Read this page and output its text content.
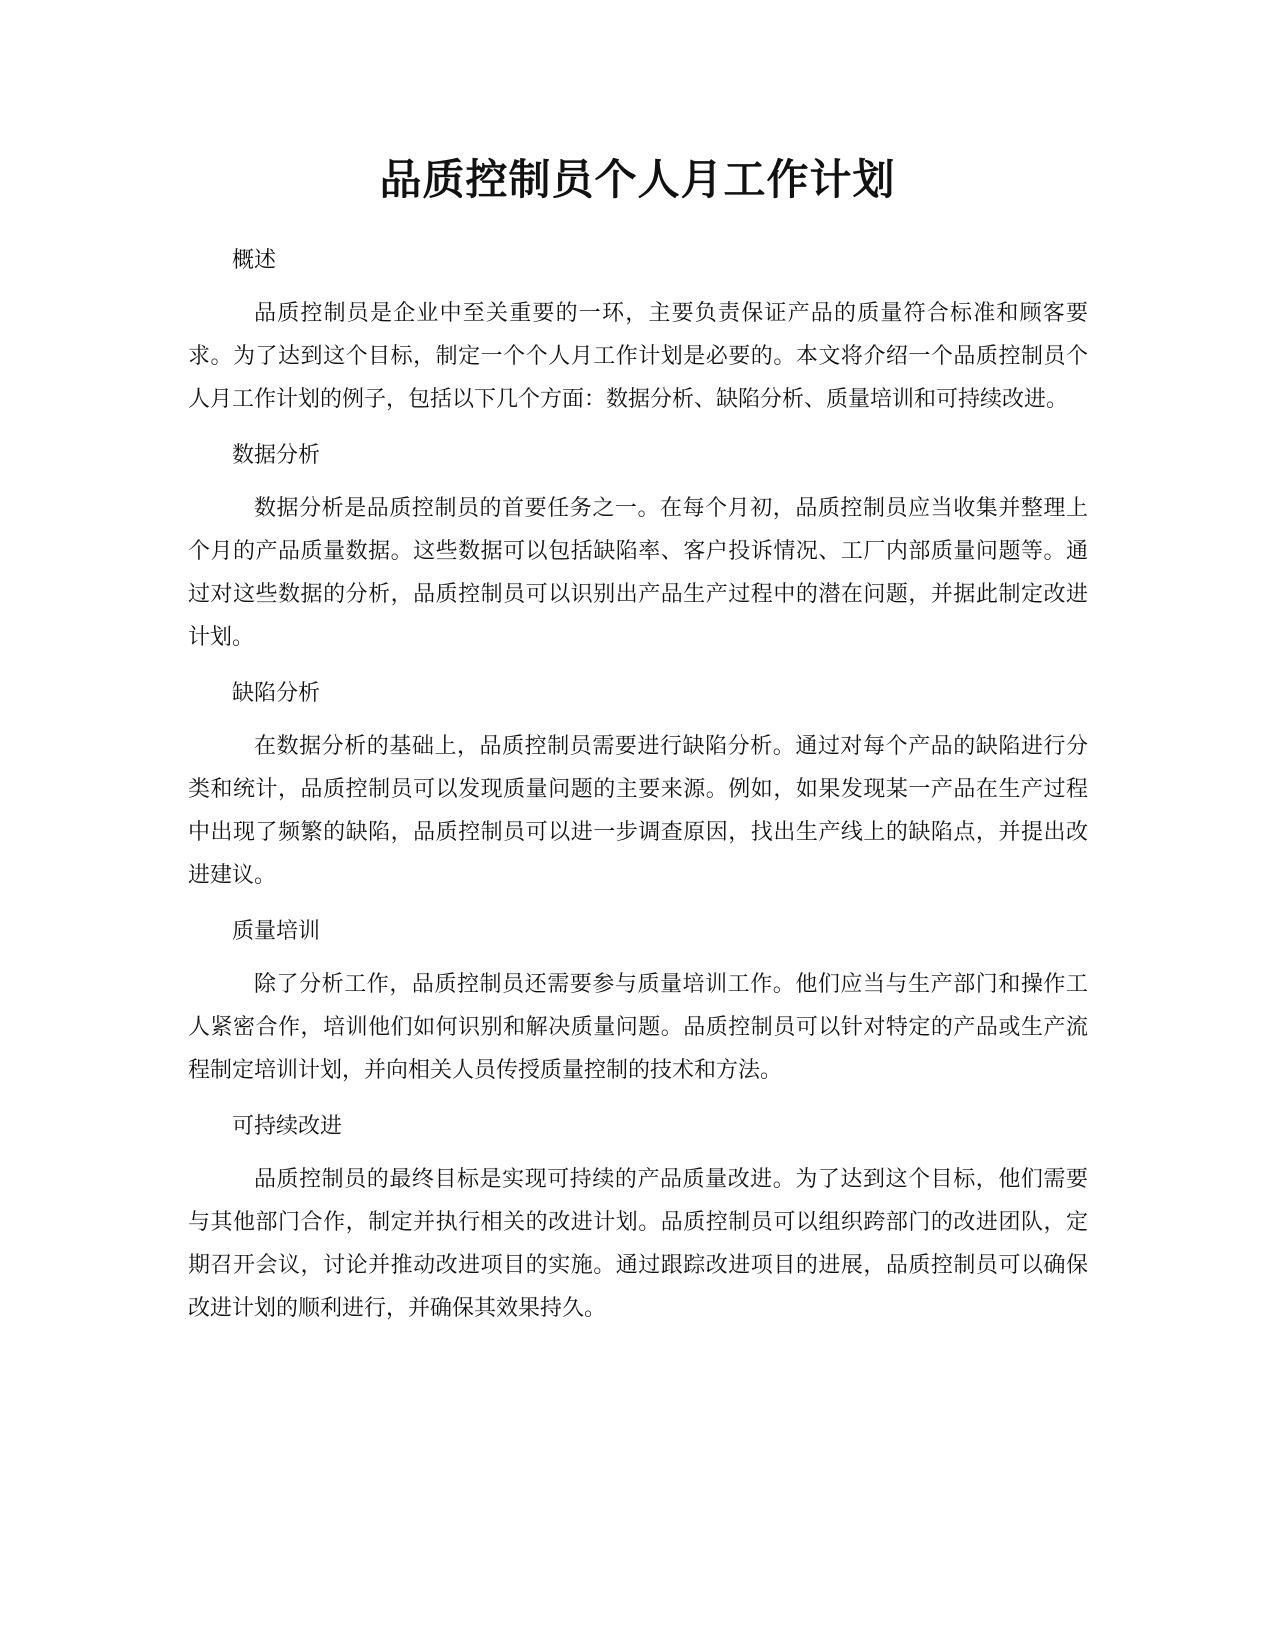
品质控制员个人月工作计划
概述

品质控制员是企业中至关重要的一环，主要负责保证产品的质量符合标准和顾客要求。为了达到这个目标，制定一个个人月工作计划是必要的。本文将介绍一个品质控制员个人月工作计划的例子，包括以下几个方面：数据分析、缺陷分析、质量培训和可持续改进。

数据分析

数据分析是品质控制员的首要任务之一。在每个月初，品质控制员应当收集并整理上个月的产品质量数据。这些数据可以包括缺陷率、客户投诉情况、工厂内部质量问题等。通过对这些数据的分析，品质控制员可以识别出产品生产过程中的潜在问题，并据此制定改进计划。

缺陷分析

在数据分析的基础上，品质控制员需要进行缺陷分析。通过对每个产品的缺陷进行分类和统计，品质控制员可以发现质量问题的主要来源。例如，如果发现某一产品在生产过程中出现了频繁的缺陷，品质控制员可以进一步调查原因，找出生产线上的缺陷点，并提出改进建议。

质量培训

除了分析工作，品质控制员还需要参与质量培训工作。他们应当与生产部门和操作工人紧密合作，培训他们如何识别和解决质量问题。品质控制员可以针对特定的产品或生产流程制定培训计划，并向相关人员传授质量控制的技术和方法。

可持续改进

品质控制员的最终目标是实现可持续的产品质量改进。为了达到这个目标，他们需要与其他部门合作，制定并执行相关的改进计划。品质控制员可以组织跨部门的改进团队，定期召开会议，讨论并推动改进项目的实施。通过跟踪改进项目的进展，品质控制员可以确保改进计划的顺利进行，并确保其效果持久。
